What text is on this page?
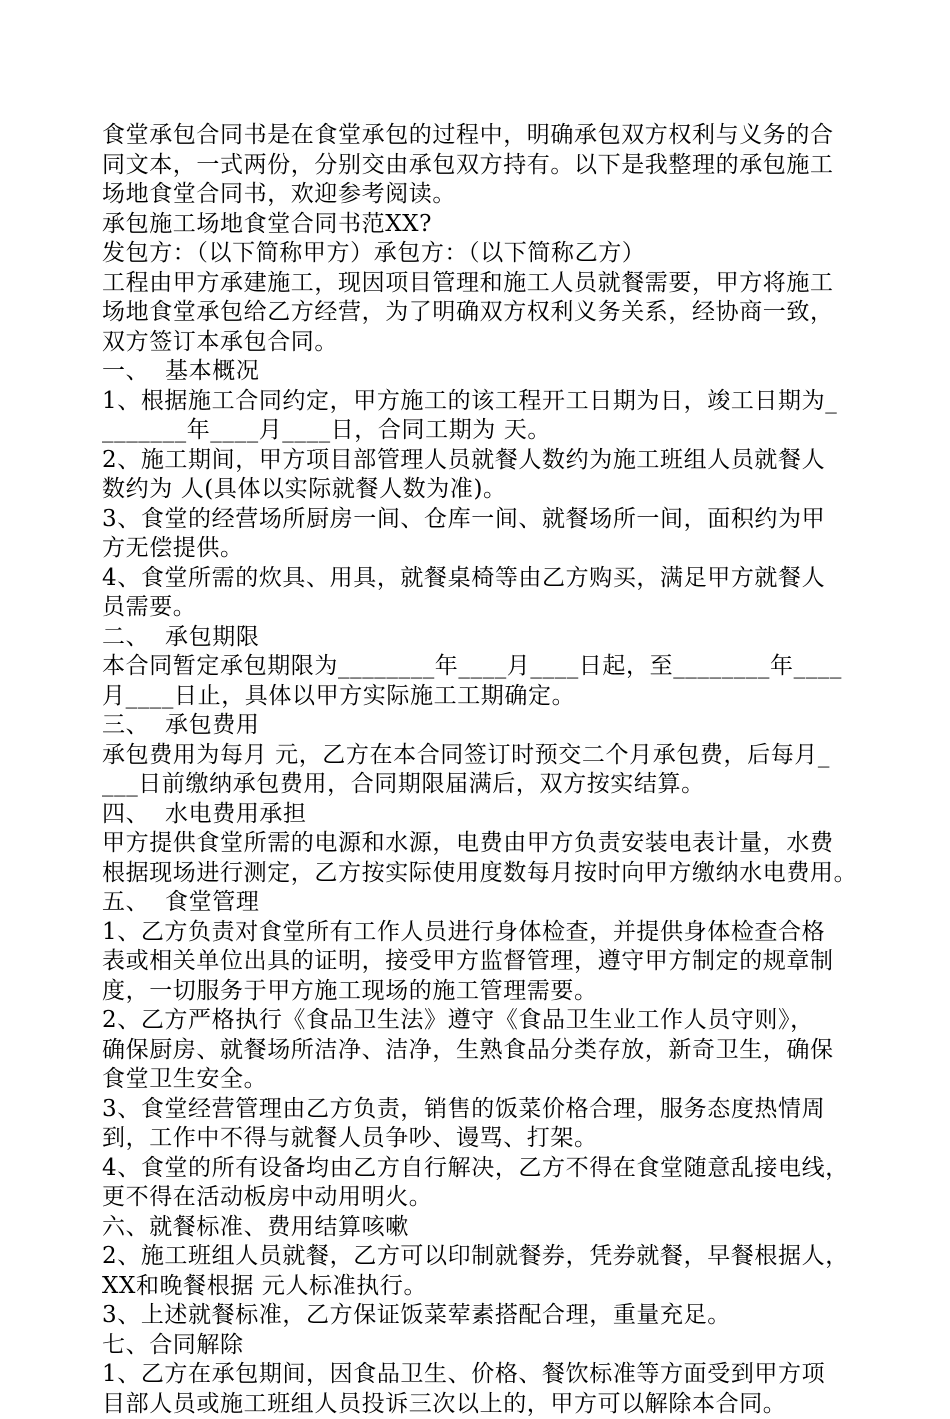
食堂承包合同书是在食堂承包的过程中，明确承包双方权利与义务的合
同文本，一式两份，分别交由承包双方持有。以下是我整理的承包施工
场地食堂合同书，欢迎参考阅读。
承包施工场地食堂合同书范XX?
发包方：（以下简称甲方）承包方：（以下简称乙方）
工程由甲方承建施工，现因项目管理和施工人员就餐需要，甲方将施工
场地食堂承包给乙方经营，为了明确双方权利义务关系，经协商一致，
双方签订本承包合同。
一、  基本概况
1、根据施工合同约定，甲方施工的该工程开工日期为日，竣工日期为_
_______年____月____日，合同工期为 天。
2、施工期间，甲方项目部管理人员就餐人数约为施工班组人员就餐人
数约为 人(具体以实际就餐人数为准)。
3、食堂的经营场所厨房一间、仓库一间、就餐场所一间，面积约为甲
方无偿提供。
4、食堂所需的炊具、用具，就餐桌椅等由乙方购买，满足甲方就餐人
员需要。
二、  承包期限
本合同暂定承包期限为________年____月____日起，至________年____
月____日止，具体以甲方实际施工工期确定。
三、  承包费用
承包费用为每月 元，乙方在本合同签订时预交二个月承包费，后每月_
___日前缴纳承包费用，合同期限届满后，双方按实结算。
四、  水电费用承担
甲方提供食堂所需的电源和水源，电费由甲方负责安装电表计量，水费
根据现场进行测定，乙方按实际使用度数每月按时向甲方缴纳水电费用。
五、  食堂管理
1、乙方负责对食堂所有工作人员进行身体检查，并提供身体检查合格
表或相关单位出具的证明，接受甲方监督管理，遵守甲方制定的规章制
度，一切服务于甲方施工现场的施工管理需要。
2、乙方严格执行《食品卫生法》遵守《食品卫生业工作人员守则》，
确保厨房、就餐场所洁净、洁净，生熟食品分类存放，新奇卫生，确保
食堂卫生安全。
3、食堂经营管理由乙方负责，销售的饭菜价格合理，服务态度热情周
到，工作中不得与就餐人员争吵、谩骂、打架。
4、食堂的所有设备均由乙方自行解决，乙方不得在食堂随意乱接电线，
更不得在活动板房中动用明火。
六、就餐标准、费用结算咳嗽
2、施工班组人员就餐，乙方可以印制就餐券，凭券就餐，早餐根据人，
XX和晚餐根据 元人标准执行。
3、上述就餐标准，乙方保证饭菜荤素搭配合理，重量充足。
七、合同解除
1、乙方在承包期间，因食品卫生、价格、餐饮标准等方面受到甲方项
目部人员或施工班组人员投诉三次以上的，甲方可以解除本合同。
